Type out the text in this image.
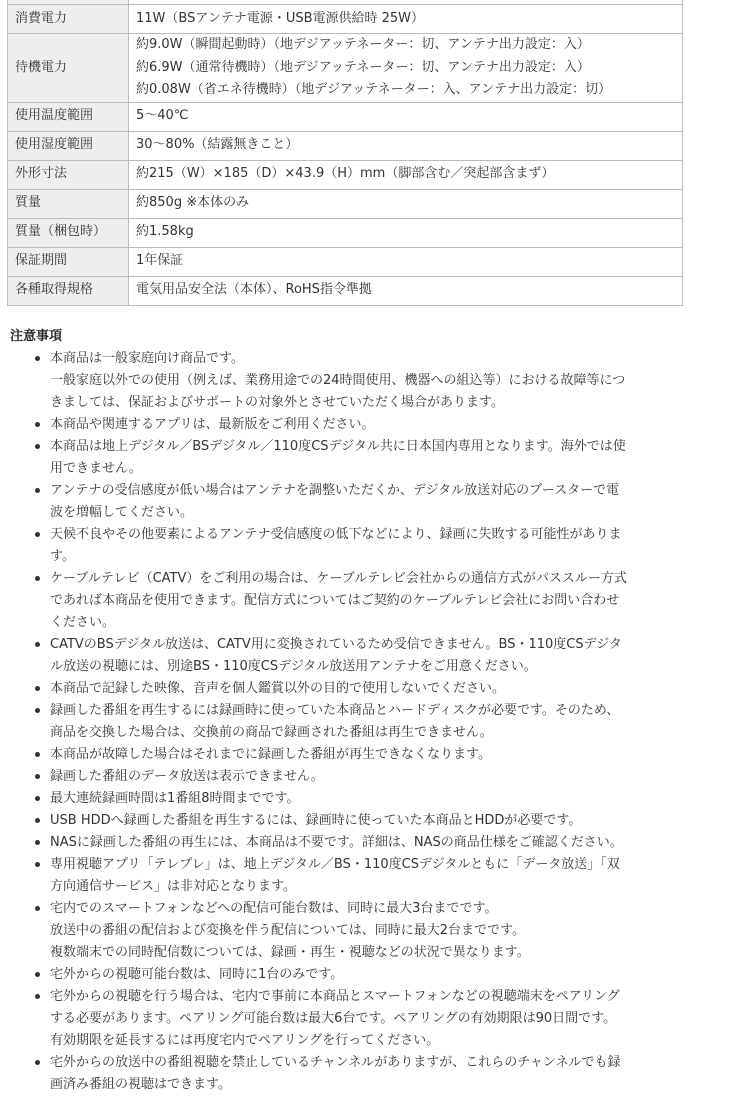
消費電力	11W（BSアンテナ電源・USB電源供給時 25W）

待機電力	約9.0W（瞬間起動時）（地デジアッテネーター：切、アンテナ出力設定：入）
約6.9W（通常待機時）（地デジアッテネーター：切、アンテナ出力設定：入）
約0.08W（省エネ待機時）（地デジアッテネーター：入、アンテナ出力設定：切）

使用温度範囲	5～40℃

使用湿度範囲	30～80%（結露無きこと）

外形寸法	約215（W）×185（D）×43.9（H）mm（脚部含む／突起部含まず）

質量	約850g ※本体のみ

質量（梱包時）	約1.58kg

保証期間	1年保証

各種取得規格	電気用品安全法（本体）、RoHS指令準拠
注意事項
本商品は一般家庭向け商品です。
一般家庭以外での使用（例えば、業務用途での24時間使用、機器への組込等）における故障等につ
きましては、保証およびサポートの対象外とさせていただく場合があります。
本商品や関連するアプリは、最新版をご利用ください。
本商品は地上デジタル／BSデジタル／110度CSデジタル共に日本国内専用となります。海外では使
用できません。
アンテナの受信感度が低い場合はアンテナを調整いただくか、デジタル放送対応のブースターで電
波を増幅してください。
天候不良やその他要素によるアンテナ受信感度の低下などにより、録画に失敗する可能性がありま
す。
ケーブルテレビ（CATV）をご利用の場合は、ケーブルテレビ会社からの通信方式がパススルー方式
であれば本商品を使用できます。配信方式についてはご契約のケーブルテレビ会社にお問い合わせ
ください。
CATVのBSデジタル放送は、CATV用に変換されているため受信できません。BS・110度CSデジタ
ル放送の視聴には、別途BS・110度CSデジタル放送用アンテナをご用意ください。
本商品で記録した映像、音声を個人鑑賞以外の目的で使用しないでください。
録画した番組を再生するには録画時に使っていた本商品とハードディスクが必要です。そのため、
商品を交換した場合は、交換前の商品で録画された番組は再生できません。
本商品が故障した場合はそれまでに録画した番組が再生できなくなります。
録画した番組のデータ放送は表示できません。
最大連続録画時間は1番組8時間までです。
USB HDDへ録画した番組を再生するには、録画時に使っていた本商品とHDDが必要です。
NASに録画した番組の再生には、本商品は不要です。詳細は、NASの商品仕様をご確認ください。
専用視聴アプリ「テレプレ」は、地上デジタル／BS・110度CSデジタルともに「データ放送」「双
方向通信サービス」は非対応となります。
宅内でのスマートフォンなどへの配信可能台数は、同時に最大3台までです。
放送中の番組の配信および変換を伴う配信については、同時に最大2台までです。
複数端末での同時配信数については、録画・再生・視聴などの状況で異なります。
宅外からの視聴可能台数は、同時に1台のみです。
宅外からの視聴を行う場合は、宅内で事前に本商品とスマートフォンなどの視聴端末をペアリング
する必要があります。ペアリング可能台数は最大6台です。ペアリングの有効期限は90日間です。
有効期限を延長するには再度宅内でペアリングを行ってください。
宅外からの放送中の番組視聴を禁止しているチャンネルがありますが、これらのチャンネルでも録
画済み番組の視聴はできます。
